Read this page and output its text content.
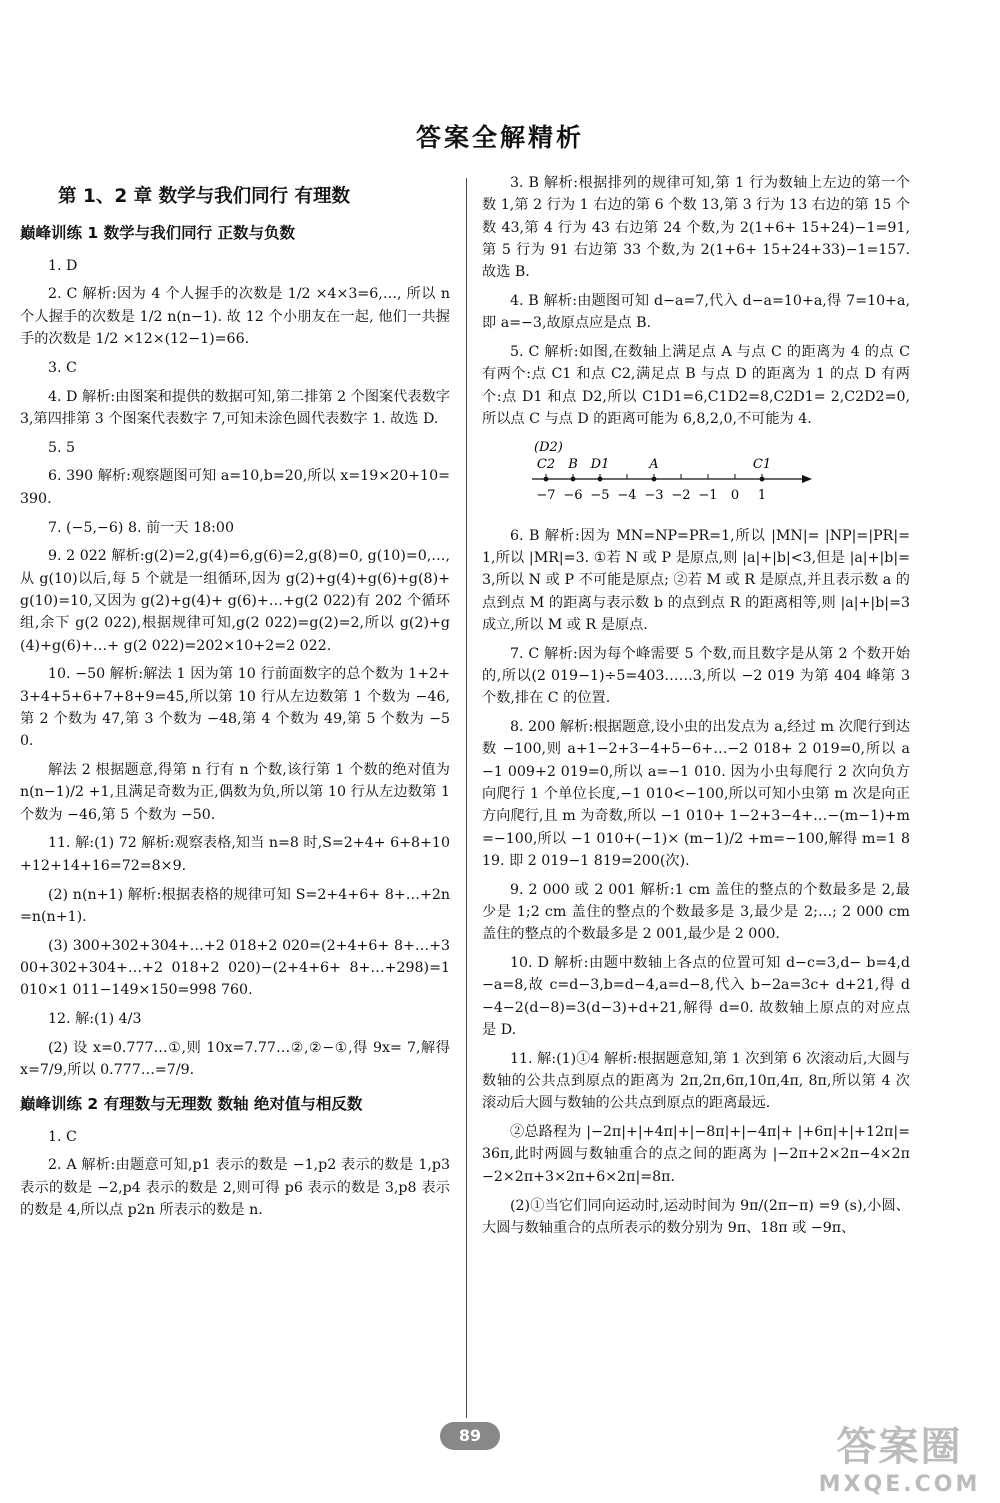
答案全解精析
第 1、2 章 数学与我们同行 有理数
巅峰训练 1 数学与我们同行 正数与负数
1. D
2. C 解析:因为 4 个人握手的次数是 1/2 ×4×3=6,…, 所以 n 个人握手的次数是 1/2 n(n−1). 故 12 个小朋友在一起, 他们一共握手的次数是 1/2 ×12×(12−1)=66.
3. C
4. D 解析:由图案和提供的数据可知,第二排第 2 个图案代表数字 3,第四排第 3 个图案代表数字 7,可知未涂色圆代表数字 1. 故选 D.
5. 5
6. 390 解析:观察题图可知 a=10,b=20,所以 x=19×20+10=390.
7. (−5,−6) 8. 前一天 18:00
9. 2 022 解析:g(2)=2,g(4)=6,g(6)=2,g(8)=0, g(10)=0,…,从 g(10)以后,每 5 个就是一组循环,因为 g(2)+g(4)+g(6)+g(8)+g(10)=10,又因为 g(2)+g(4)+ g(6)+…+g(2 022)有 202 个循环组,余下 g(2 022),根据规律可知,g(2 022)=g(2)=2,所以 g(2)+g(4)+g(6)+…+ g(2 022)=202×10+2=2 022.
10. −50 解析:解法 1 因为第 10 行前面数字的总个数为 1+2+3+4+5+6+7+8+9=45,所以第 10 行从左边数第 1 个数为 −46,第 2 个数为 47,第 3 个数为 −48,第 4 个数为 49,第 5 个数为 −50.
解法 2 根据题意,得第 n 行有 n 个数,该行第 1 个数的绝对值为 n(n−1)/2 +1,且满足奇数为正,偶数为负,所以第 10 行从左边数第 1 个数为 −46,第 5 个数为 −50.
11. 解:(1) 72 解析:观察表格,知当 n=8 时,S=2+4+ 6+8+10+12+14+16=72=8×9.
(2) n(n+1) 解析:根据表格的规律可知 S=2+4+6+ 8+…+2n=n(n+1).
(3) 300+302+304+…+2 018+2 020=(2+4+6+ 8+…+300+302+304+…+2 018+2 020)−(2+4+6+ 8+…+298)=1 010×1 011−149×150=998 760.
12. 解:(1) 4/3
(2) 设 x=0.777…①,则 10x=7.77…②,②−①,得 9x= 7,解得 x=7/9,所以 0.777…=7/9.
巅峰训练 2 有理数与无理数 数轴 绝对值与相反数
1. C
2. A 解析:由题意可知,p1 表示的数是 −1,p2 表示的数是 1,p3 表示的数是 −2,p4 表示的数是 2,则可得 p6 表示的数是 3,p8 表示的数是 4,所以点 p2n 所表示的数是 n.
3. B 解析:根据排列的规律可知,第 1 行为数轴上左边的第一个数 1,第 2 行为 1 右边的第 6 个数 13,第 3 行为 13 右边的第 15 个数 43,第 4 行为 43 右边第 24 个数,为 2(1+6+ 15+24)−1=91,第 5 行为 91 右边第 33 个数,为 2(1+6+ 15+24+33)−1=157. 故选 B.
4. B 解析:由题图可知 d−a=7,代入 d−a=10+a,得 7=10+a,即 a=−3,故原点应是点 B.
5. C 解析:如图,在数轴上满足点 A 与点 C 的距离为 4 的点 C 有两个:点 C1 和点 C2,满足点 B 与点 D 的距离为 1 的点 D 有两个:点 D1 和点 D2,所以 C1D1=6,C1D2=8,C2D1= 2,C2D2=0,所以点 C 与点 D 的距离可能为 6,8,2,0,不可能为 4.
(D2)
−7 −6 −5 −4 −3 −2 −1 0 1
C2 B D1	A	C1
6. B 解析:因为 MN=NP=PR=1,所以 |MN|= |NP|=|PR|=1,所以 |MR|=3. ①若 N 或 P 是原点,则 |a|+|b|<3,但是 |a|+|b|=3,所以 N 或 P 不可能是原点; ②若 M 或 R 是原点,并且表示数 a 的点到点 M 的距离与表示数 b 的点到点 R 的距离相等,则 |a|+|b|=3 成立,所以 M 或 R 是原点.
7. C 解析:因为每个峰需要 5 个数,而且数字是从第 2 个数开始的,所以(2 019−1)÷5=403……3,所以 −2 019 为第 404 峰第 3 个数,排在 C 的位置.
8. 200 解析:根据题意,设小虫的出发点为 a,经过 m 次爬行到达数 −100,则 a+1−2+3−4+5−6+…−2 018+ 2 019=0,所以 a−1 009+2 019=0,所以 a=−1 010. 因为小虫每爬行 2 次向负方向爬行 1 个单位长度,−1 010<−100,所以可知小虫第 m 次是向正方向爬行,且 m 为奇数,所以 −1 010+ 1−2+3−4+…−(m−1)+m=−100,所以 −1 010+(−1)× (m−1)/2 +m=−100,解得 m=1 819. 即 2 019−1 819=200(次).
9. 2 000 或 2 001 解析:1 cm 盖住的整点的个数最多是 2,最少是 1;2 cm 盖住的整点的个数最多是 3,最少是 2;…; 2 000 cm 盖住的整点的个数最多是 2 001,最少是 2 000.
10. D 解析:由题中数轴上各点的位置可知 d−c=3,d− b=4,d−a=8,故 c=d−3,b=d−4,a=d−8,代入 b−2a=3c+ d+21,得 d−4−2(d−8)=3(d−3)+d+21,解得 d=0. 故数轴上原点的对应点是 D.
11. 解:(1)①4 解析:根据题意知,第 1 次到第 6 次滚动后,大圆与数轴的公共点到原点的距离为 2π,2π,6π,10π,4π, 8π,所以第 4 次滚动后大圆与数轴的公共点到原点的距离最远.
②总路程为 |−2π|+|+4π|+|−8π|+|−4π|+ |+6π|+|+12π|=36π,此时两圆与数轴重合的点之间的距离为 |−2π+2×2π−4×2π−2×2π+3×2π+6×2π|=8π.
(2)①当它们同向运动时,运动时间为 9π/(2π−π) =9 (s),小圆、大圆与数轴重合的点所表示的数分别为 9π、18π 或 −9π、
89	答案圈
MXQE.COM
